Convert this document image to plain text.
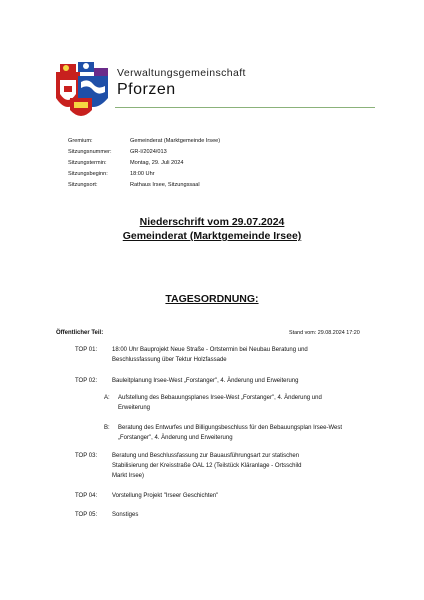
Verwaltungsgemeinschaft
Pforzen
Gremium:	Gemeinderat (Marktgemeinde Irsee)
Sitzungsnummer:	GR-I/2024/013
Sitzungstermin:	Montag, 29. Juli 2024
Sitzungsbeginn:	18:00 Uhr
Sitzungsort:	Rathaus Irsee, Sitzungssaal
Niederschrift vom 29.07.2024
Gemeinderat (Marktgemeinde Irsee)
TAGESORDNUNG:
Öffentlicher Teil:	Stand vom: 29.08.2024 17:20
TOP 01: 18:00 Uhr Bauprojekt Neue Straße - Ortstermin bei Neubau Beratung und Beschlussfassung über Tektur Holzfassade
TOP 02: Bauleitplanung Irsee-West „Forstanger", 4. Änderung und Erweiterung
A: Aufstellung des Bebauungsplanes Irsee-West „Forstanger", 4. Änderung und Erweiterung
B: Beratung des Entwurfes und Billigungsbeschluss für den Bebauungsplan Irsee-West „Forstanger", 4. Änderung und Erweiterung
TOP 03: Beratung und Beschlussfassung zur Bauausführungsart zur statischen Stabilisierung der Kreisstraße OAL 12 (Teilstück Kläranlage - Ortsschild Markt Irsee)
TOP 04: Vorstellung Projekt "Irseer Geschichten"
TOP 05: Sonstiges
